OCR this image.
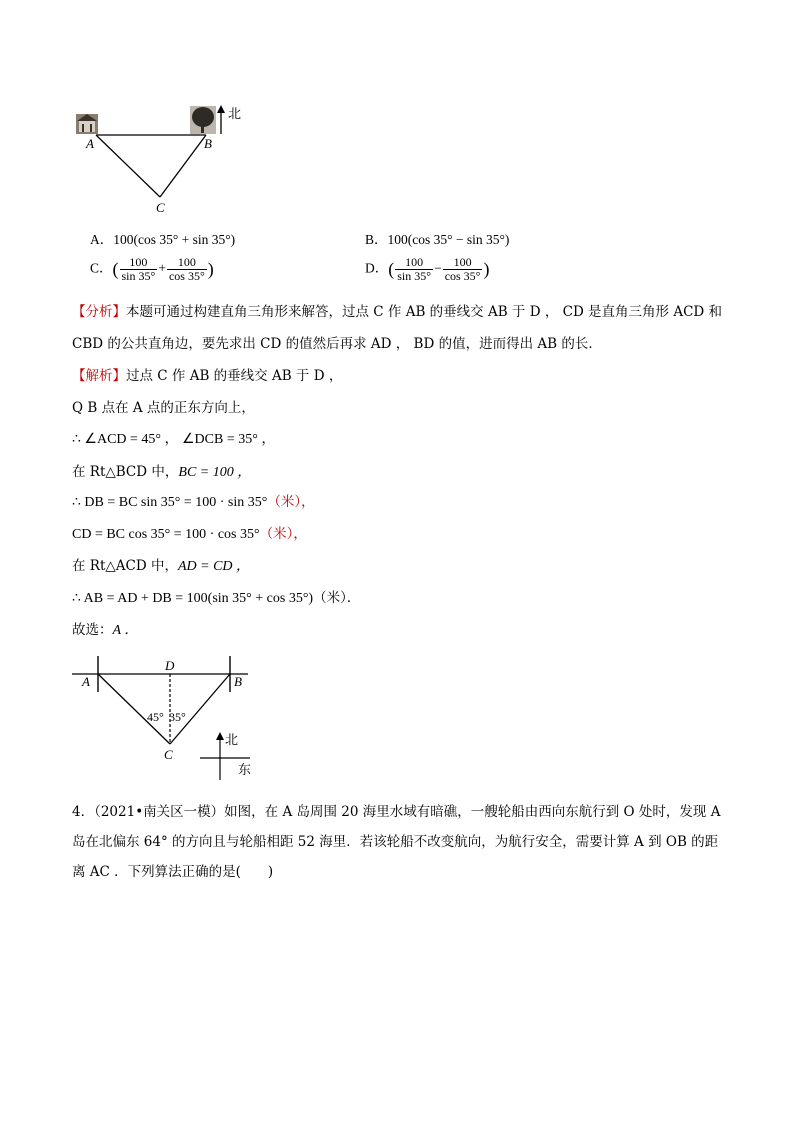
北
A	B
C
A．100(cos 35° + sin 35°)	B．100(cos 35° − sin 35°)
C．( $\frac{100}{\sin 35^\circ} + \frac{100}{\cos 35^\circ}$ )	D．( $\frac{100}{\sin 35^\circ} - \frac{100}{\cos 35^\circ}$ )
【分析】本题可通过构建直角三角形来解答，过点 C 作 AB 的垂线交 AB 于 D ， CD 是直角三角形 ACD 和
CBD 的公共直角边，要先求出 CD 的值然后再求 AD ， BD 的值，进而得出 AB 的长．
【解析】过点 C 作 AB 的垂线交 AB 于 D ，
Q B 点在 A 点的正东方向上，
∴ ∠ACD = 45° ， ∠DCB = 35° ，
在 Rt△BCD 中，BC = 100 ，
∴ DB = BC sin 35° = 100 · sin 35°（米），
CD = BC cos 35° = 100 · cos 35°（米），
在 Rt△ACD 中，AD = CD ，
∴ AB = AD + DB = 100(sin 35° + cos 35°)（米）．
故选：A ．
D
A	B
C
45° 35°
北
东
4．（2021•南关区一模）如图，在 A 岛周围 20 海里水域有暗礁，一艘轮船由西向东航行到 O 处时，发现 A
岛在北偏东 64° 的方向且与轮船相距 52 海里．若该轮船不改变航向，为航行安全，需要计算 A 到 OB 的距
离 AC ．下列算法正确的是(　　)
